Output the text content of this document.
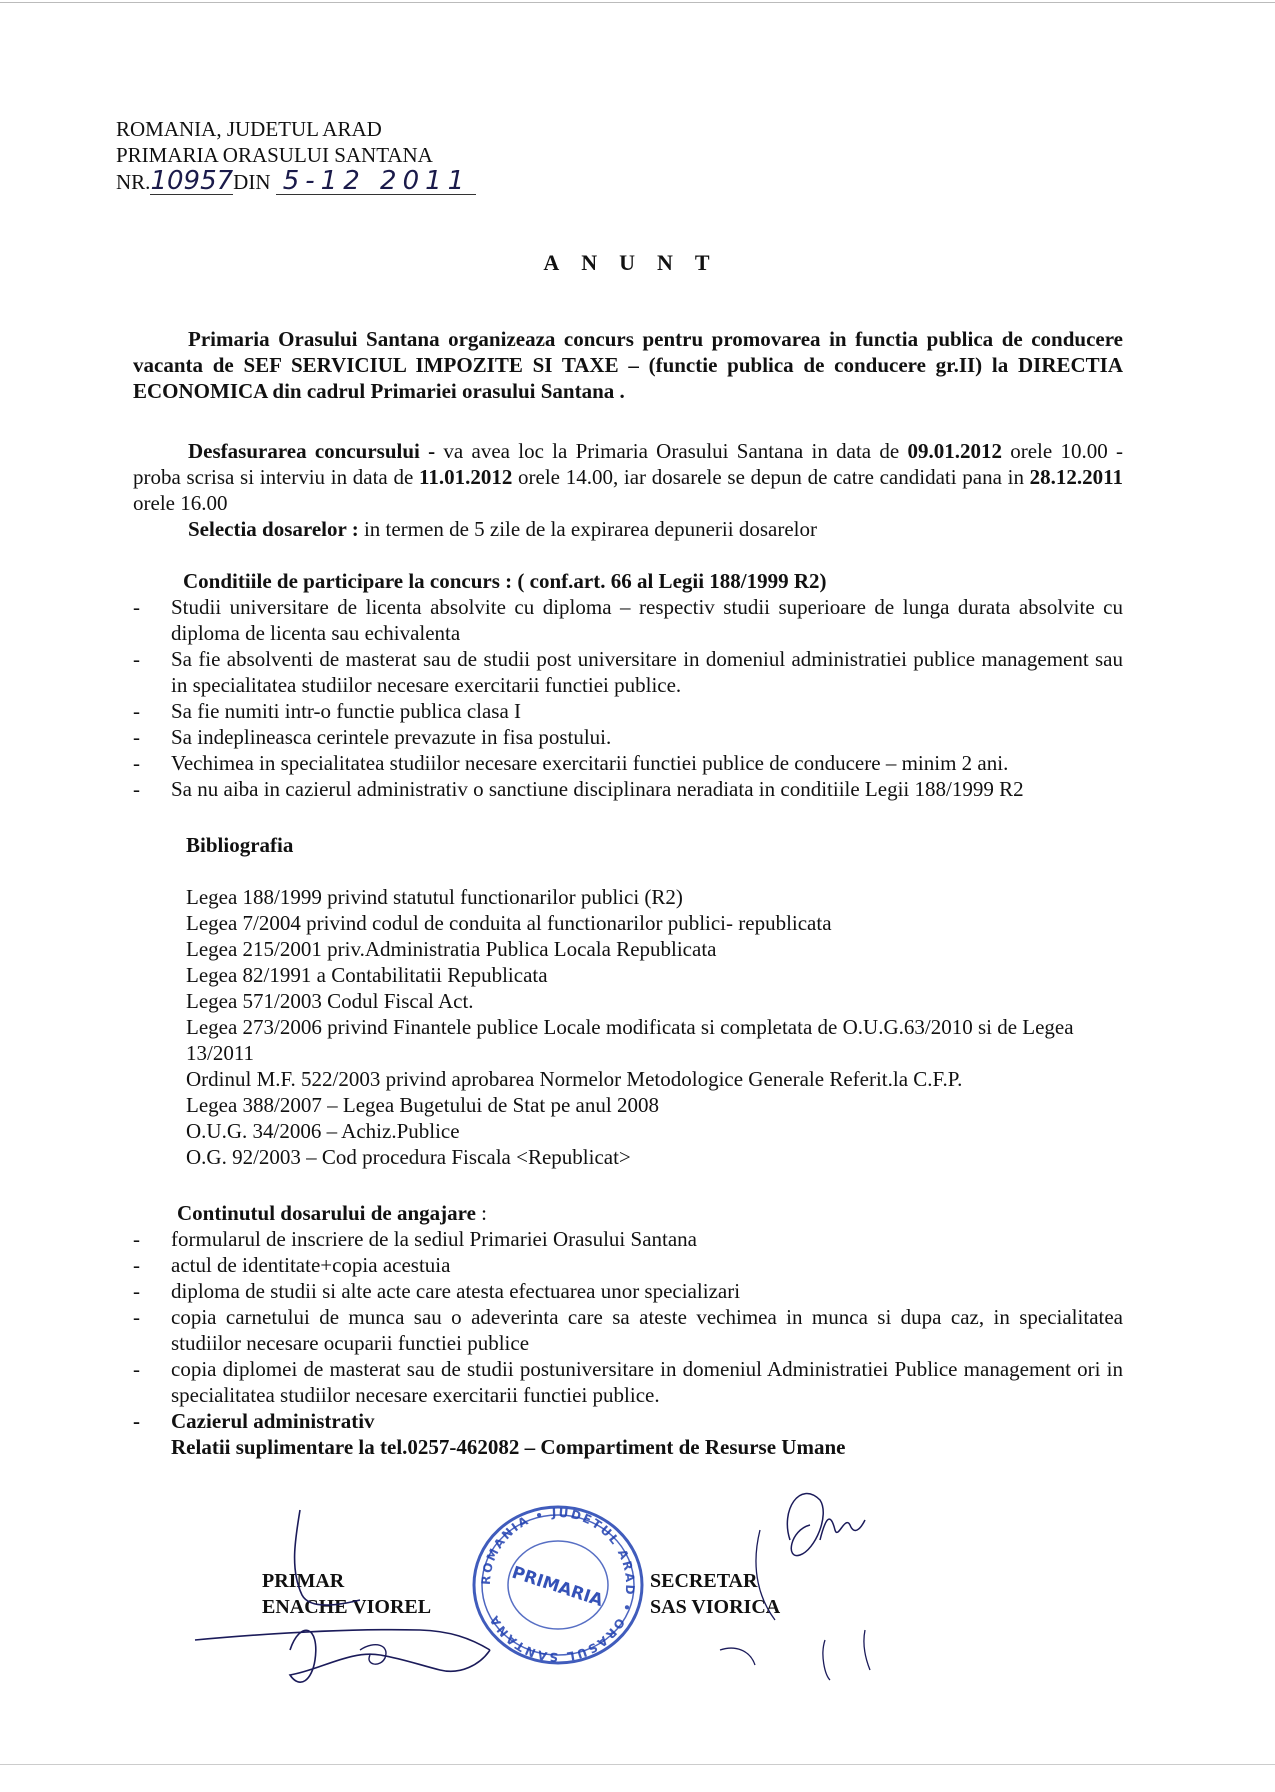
ROMANIA, JUDETUL ARAD
PRIMARIA ORASULUI SANTANA
NR.10957DIN 5-12 2011
ANUNT
Primaria Orasului Santana organizeaza concurs pentru promovarea in functia publica de conducere vacanta de SEF SERVICIUL IMPOZITE SI TAXE – (functie publica de conducere gr.II) la DIRECTIA ECONOMICA din cadrul Primariei orasului Santana .
Desfasurarea concursului - va avea loc la Primaria Orasului Santana in data de 09.01.2012 orele 10.00 - proba scrisa si interviu in data de 11.01.2012 orele 14.00, iar dosarele se depun de catre candidati pana in 28.12.2011 orele 16.00
Selectia dosarelor : in termen de 5 zile de la expirarea depunerii dosarelor
Conditiile de participare la concurs : ( conf.art. 66 al Legii 188/1999 R2)
- Studii universitare de licenta absolvite cu diploma – respectiv studii superioare de lunga durata absolvite cu diploma de licenta sau echivalenta
- Sa fie absolventi de masterat sau de studii post universitare in domeniul administratiei publice management sau in specialitatea studiilor necesare exercitarii functiei publice.
- Sa fie numiti intr-o functie publica clasa I
- Sa indeplineasca cerintele prevazute in fisa postului.
- Vechimea in specialitatea studiilor necesare exercitarii functiei publice de conducere – minim 2 ani.
- Sa nu aiba in cazierul administrativ o sanctiune disciplinara neradiata in conditiile Legii 188/1999 R2
Bibliografia
Legea 188/1999 privind statutul functionarilor publici (R2)
Legea 7/2004 privind codul de conduita al functionarilor publici- republicata
Legea 215/2001 priv.Administratia Publica Locala Republicata
Legea 82/1991 a Contabilitatii Republicata
Legea 571/2003 Codul Fiscal Act.
Legea 273/2006 privind Finantele publice Locale modificata si completata de O.U.G.63/2010 si de Legea 13/2011
Ordinul M.F. 522/2003 privind aprobarea Normelor Metodologice Generale Referit.la C.F.P.
Legea 388/2007 – Legea Bugetului de Stat pe anul 2008
O.U.G. 34/2006 – Achiz.Publice
O.G. 92/2003 – Cod procedura Fiscala <Republicat>
Continutul dosarului de angajare :
- formularul de inscriere de la sediul Primariei Orasului Santana
- actul de identitate+copia acestuia
- diploma de studii si alte acte care atesta efectuarea unor specializari
- copia carnetului de munca sau o adeverinta care sa ateste vechimea in munca si dupa caz, in specialitatea studiilor necesare ocuparii functiei publice
- copia diplomei de masterat sau de studii postuniversitare in domeniul Administratiei Publice management ori in specialitatea studiilor necesare exercitarii functiei publice.
- Cazierul administrativ
Relatii suplimentare la tel.0257-462082 – Compartiment de Resurse Umane
PRIMAR
ENACHE VIOREL
SECRETAR
SAS VIORICA
ROMANIA • JUDETUL ARAD • ORASUL SANTANA
PRIMARIA
